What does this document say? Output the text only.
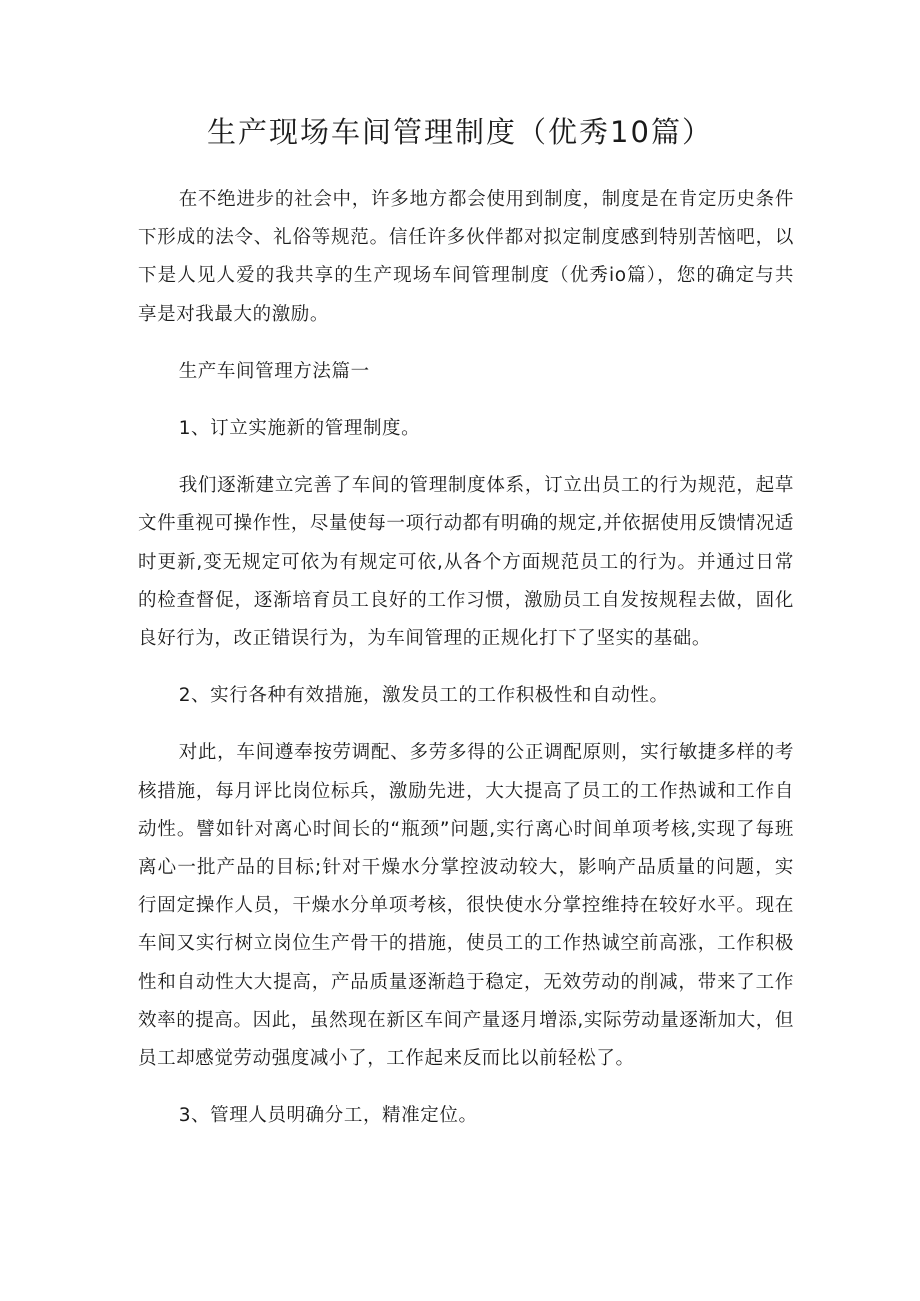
生产现场车间管理制度（优秀10篇）

在不绝进步的社会中，许多地方都会使用到制度，制度是在肯定历史条件下形成的法令、礼俗等规范。信任许多伙伴都对拟定制度感到特别苦恼吧，以下是人见人爱的我共享的生产现场车间管理制度（优秀io篇），您的确定与共享是对我最大的激励。

生产车间管理方法篇一

1、订立实施新的管理制度。

我们逐渐建立完善了车间的管理制度体系，订立出员工的行为规范，起草文件重视可操作性，尽量使每一项行动都有明确的规定,并依据使用反馈情况适时更新,变无规定可依为有规定可依,从各个方面规范员工的行为。并通过日常的检查督促，逐渐培育员工良好的工作习惯，激励员工自发按规程去做，固化良好行为，改正错误行为，为车间管理的正规化打下了坚实的基础。

2、实行各种有效措施，激发员工的工作积极性和自动性。

对此，车间遵奉按劳调配、多劳多得的公正调配原则，实行敏捷多样的考核措施，每月评比岗位标兵，激励先进，大大提高了员工的工作热诚和工作自动性。譬如针对离心时间长的“瓶颈”问题,实行离心时间单项考核,实现了每班离心一批产品的目标;针对干燥水分掌控波动较大，影响产品质量的问题，实行固定操作人员，干燥水分单项考核，很快使水分掌控维持在较好水平。现在车间又实行树立岗位生产骨干的措施，使员工的工作热诚空前高涨，工作积极性和自动性大大提高，产品质量逐渐趋于稳定，无效劳动的削减，带来了工作效率的提高。因此，虽然现在新区车间产量逐月增添,实际劳动量逐渐加大，但员工却感觉劳动强度减小了，工作起来反而比以前轻松了。

3、管理人员明确分工，精准定位。
